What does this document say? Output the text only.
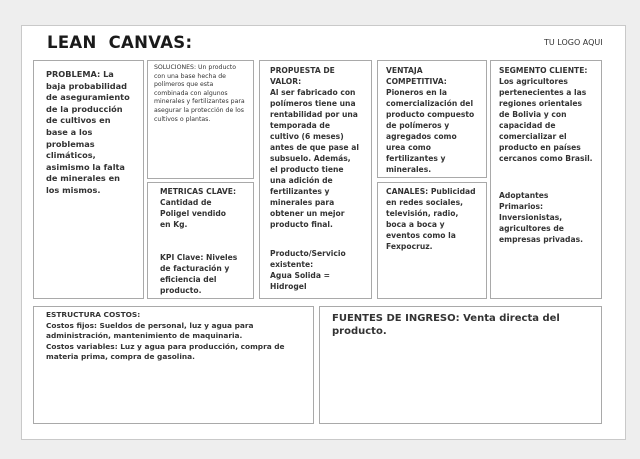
LEAN  CANVAS:	TU LOGO AQUI

PROBLEMA: La baja probabilidad de aseguramiento de la producción de cultivos en base a los problemas climáticos, asimismo la falta de minerales en los mismos.

SOLUCIONES: Un producto con una base hecha de polímeros que esta combinada con algunos minerales y fertilizantes para asegurar la protección de los cultivos o plantas.

METRICAS CLAVE:
Cantidad de
Poligel vendido
en Kg.

KPI Clave: Niveles de facturación y eficiencia del producto.

PROPUESTA DE VALOR:
Al ser fabricado con polímeros tiene una rentabilidad por una temporada de cultivo (6 meses) antes de que pase al subsuelo. Además, el producto tiene una adición de fertilizantes y minerales para obtener un mejor producto final.

Producto/Servicio existente:
Agua Solida = Hidrogel

VENTAJA COMPETITIVA:
Pioneros en la comercialización del producto compuesto de polímeros y agregados como urea como fertilizantes y minerales.

CANALES: Publicidad en redes sociales, televisión, radio, boca a boca y eventos como la Fexpocruz.

SEGMENTO CLIENTE: Los agricultores pertenecientes a las regiones orientales de Bolivia y con capacidad de comercializar el producto en países cercanos como Brasil.

Adoptantes Primarios: Inversionistas, agricultores de empresas privadas.

ESTRUCTURA COSTOS:

Costos fijos: Sueldos de personal, luz y agua para administración, mantenimiento de maquinaria.

Costos variables: Luz y agua para producción, compra de materia prima, compra de gasolina.

FUENTES DE INGRESO: Venta directa del producto.
